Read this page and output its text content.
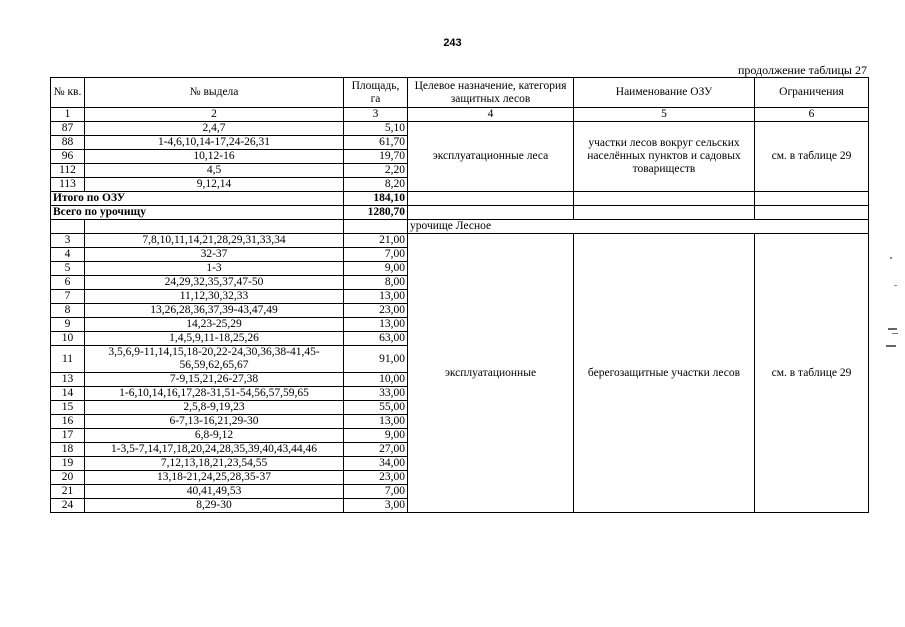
243
продолжение таблицы 27
№ кв.	№ выдела	Площадь, га	Целевое назначение, категория защитных лесов	Наименование ОЗУ	Ограничения
1	2	3	4	5	6
87	2,4,7	5,10	эксплуатационные леса	участки лесов вокруг сельских населённых пунктов и садовых товариществ	см. в таблице 29
88	1-4,6,10,14-17,24-26,31	61,70			
96	10,12-16	19,70			
112	4,5	2,20			
113	9,12,14	8,20			
Итого по ОЗУ		184,10			
Всего по урочищу		1280,70			
			урочище Лесное		
3	7,8,10,11,14,21,28,29,31,33,34	21,00	эксплуатационные	берегозащитные участки лесов	см. в таблице 29
4	32-37	7,00			
5	1-3	9,00			
6	24,29,32,35,37,47-50	8,00			
7	11,12,30,32,33	13,00			
8	13,26,28,36,37,39-43,47,49	23,00			
9	14,23-25,29	13,00			
10	1,4,5,9,11-18,25,26	63,00			
11	3,5,6,9-11,14,15,18-20,22-24,30,36,38-41,45-56,59,62,65,67	91,00			
13	7-9,15,21,26-27,38	10,00			
14	1-6,10,14,16,17,28-31,51-54,56,57,59,65	33,00			
15	2,5,8-9,19,23	55,00			
16	6-7,13-16,21,29-30	13,00			
17	6,8-9,12	9,00			
18	1-3,5-7,14,17,18,20,24,28,35,39,40,43,44,46	27,00			
19	7,12,13,18,21,23,54,55	34,00			
20	13,18-21,24,25,28,35-37	23,00			
21	40,41,49,53	7,00			
24	8,29-30	3,00			
